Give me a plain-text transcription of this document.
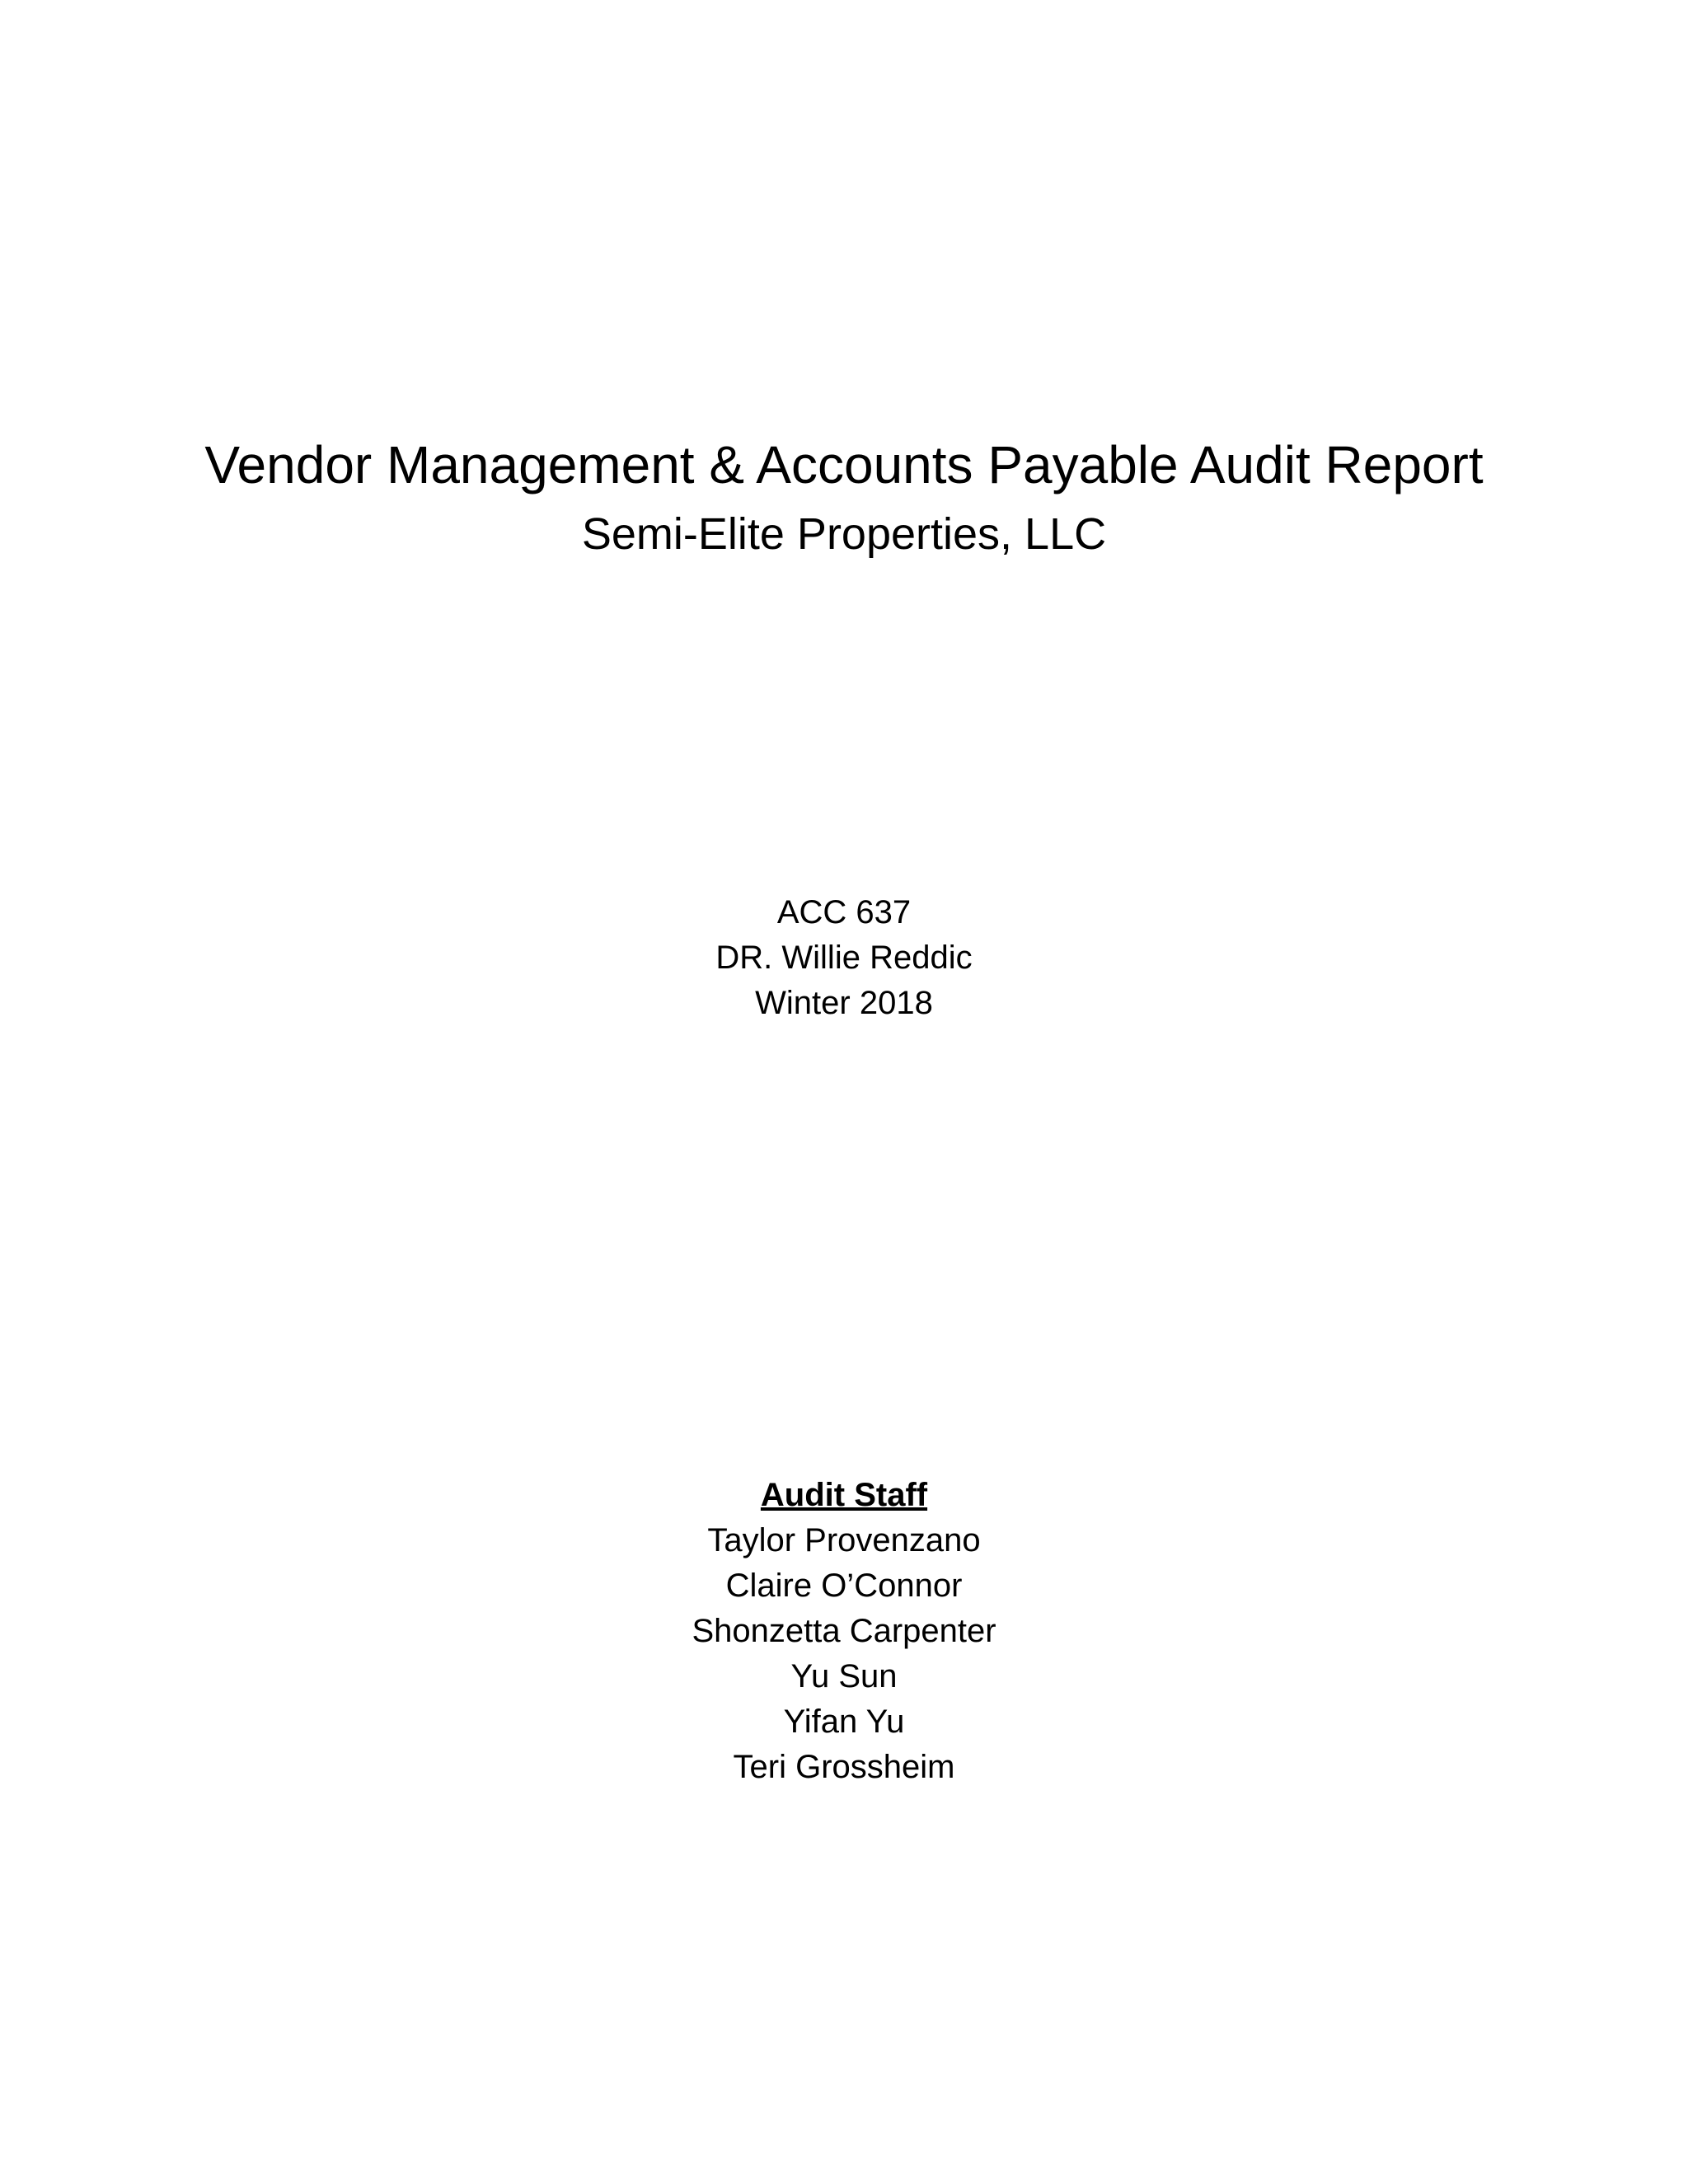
Vendor Management & Accounts Payable Audit Report
Semi-Elite Properties, LLC
ACC 637
DR. Willie Reddic
Winter 2018
Audit Staff
Taylor Provenzano
Claire O’Connor
Shonzetta Carpenter
Yu Sun
Yifan Yu
Teri Grossheim
